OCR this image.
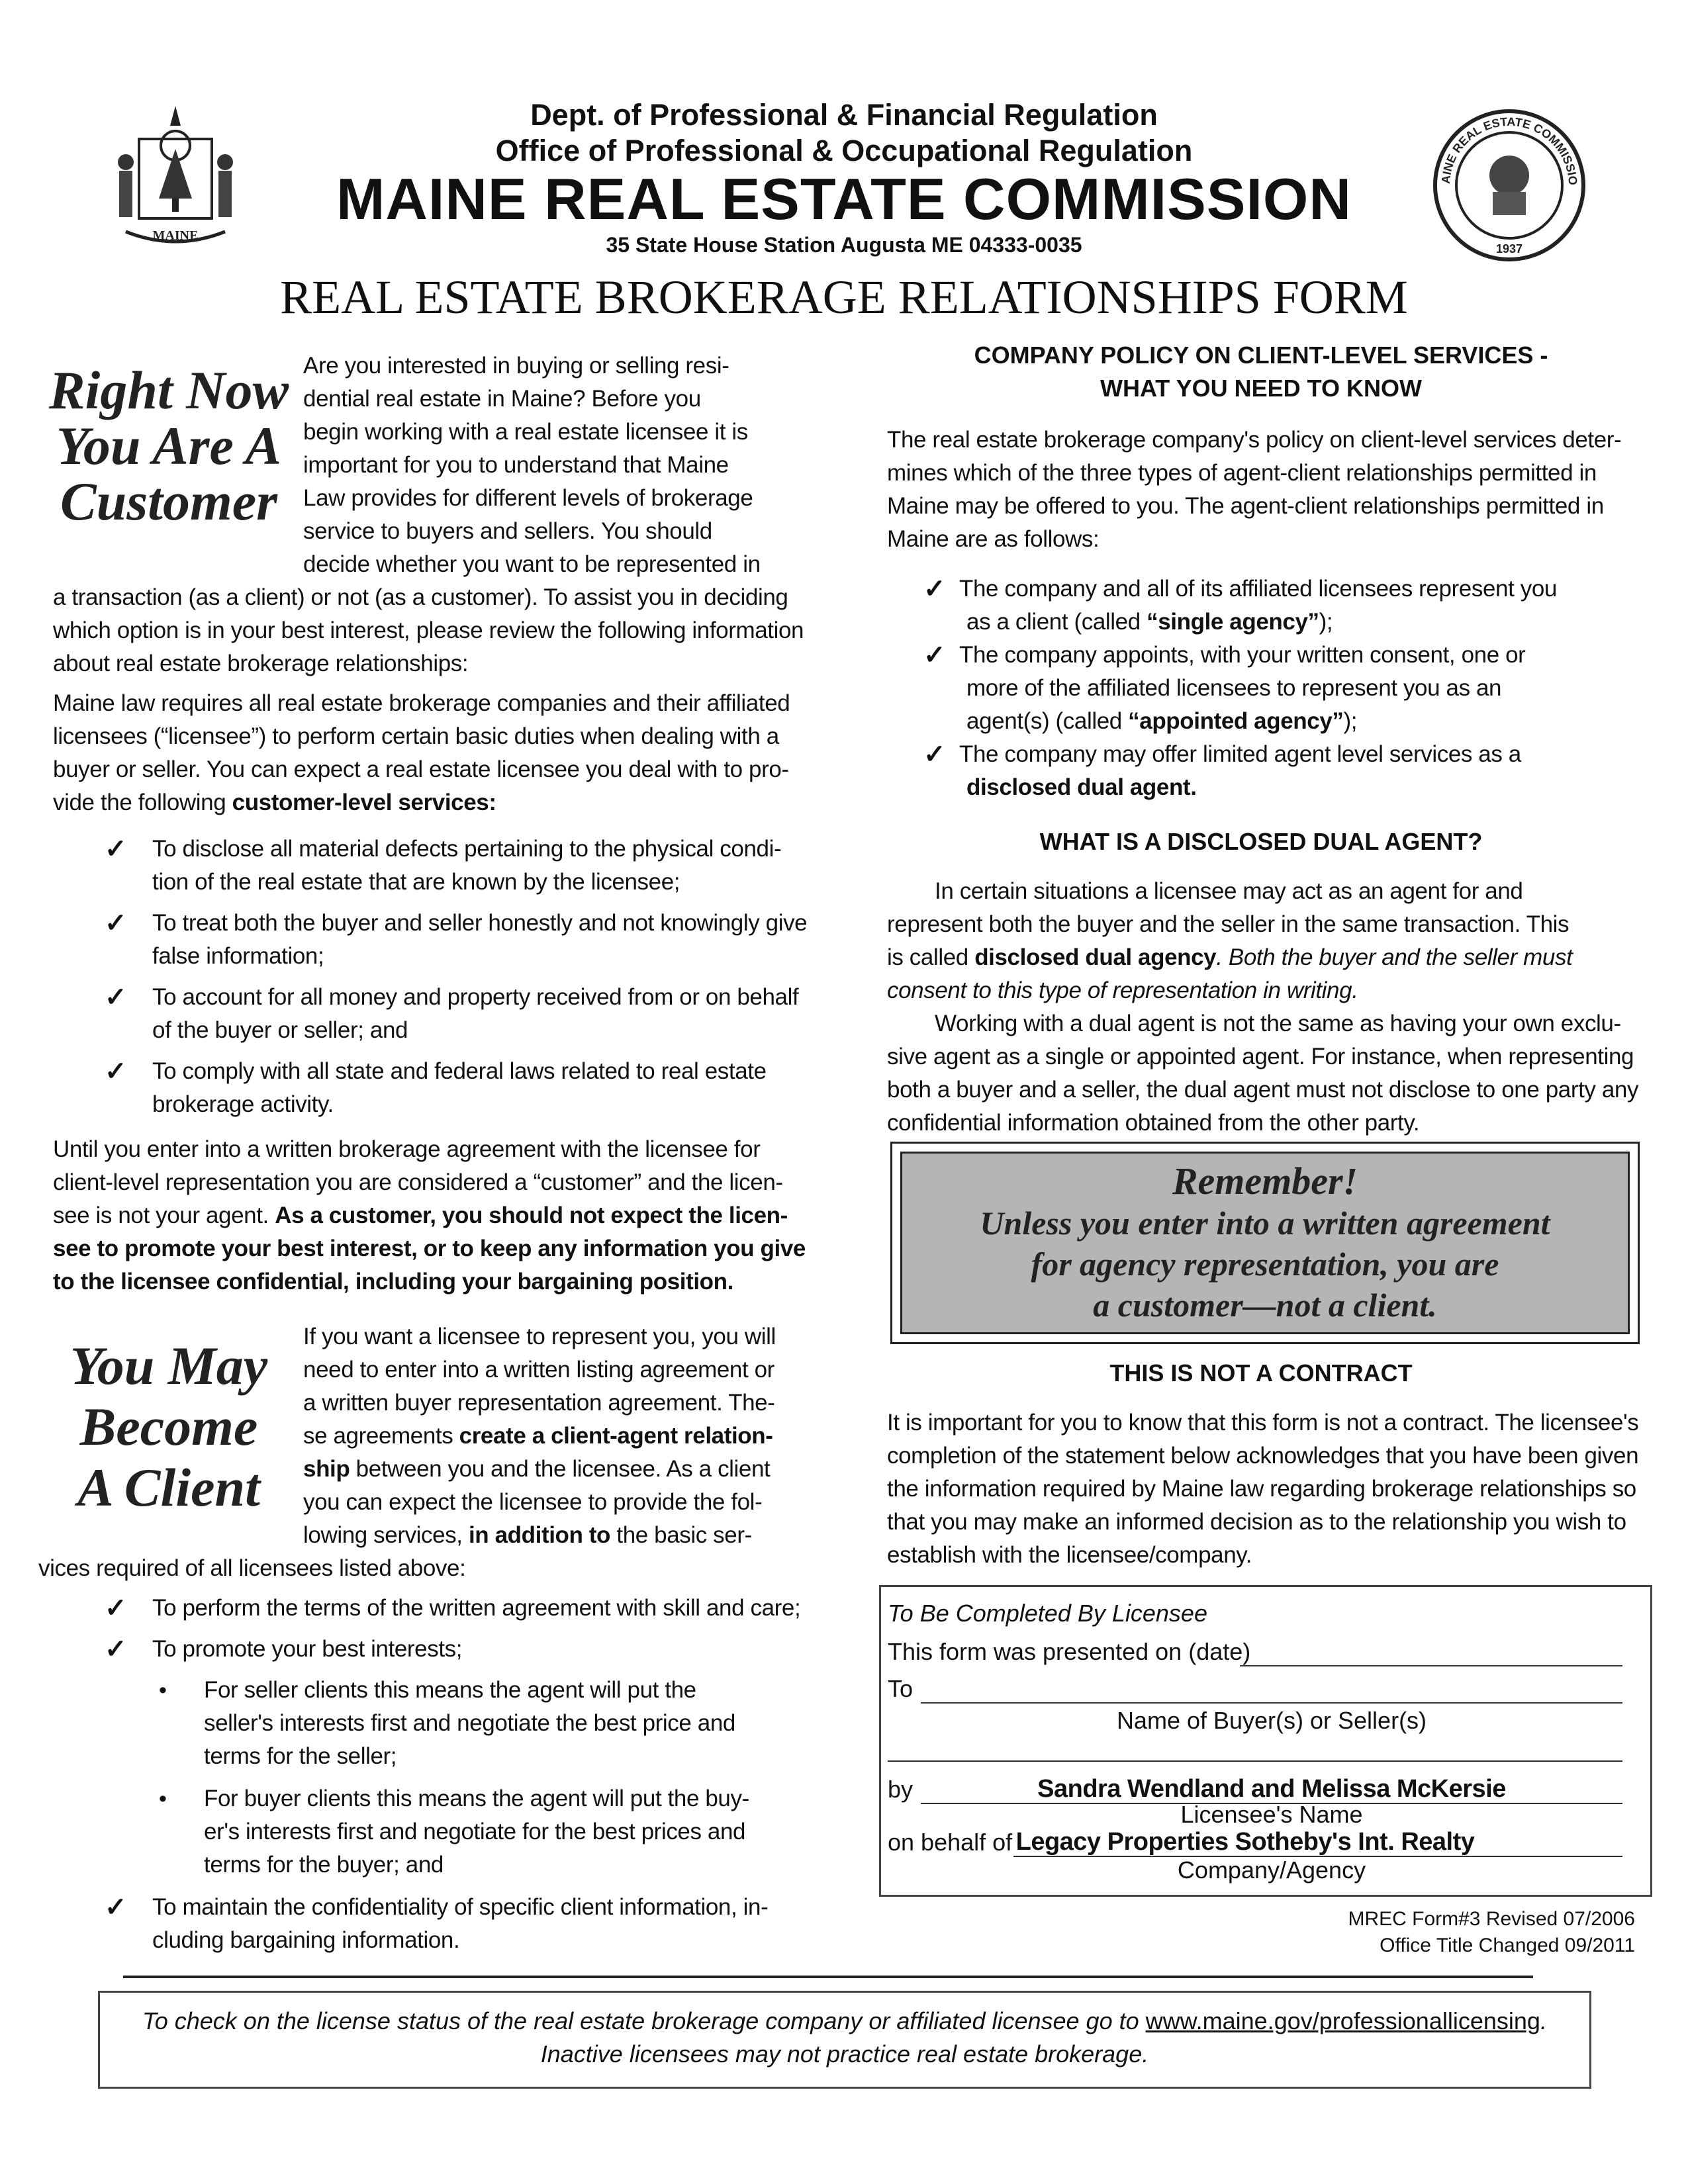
MAINE
Dept. of Professional & Financial Regulation
Office of Professional & Occupational Regulation
MAINE REAL ESTATE COMMISSION
35 State House Station Augusta ME 04333-0035
AINE REAL ESTATE COMMISSIO
1937
REAL ESTATE BROKERAGE RELATIONSHIPS FORM
Right Now
You Are A
Customer
Are you interested in buying or selling resi-
dential real estate in Maine? Before you
begin working with a real estate licensee it is
important for you to understand that Maine
Law provides for different levels of brokerage
service to buyers and sellers. You should
decide whether you want to be represented in
a transaction (as a client) or not (as a customer). To assist you in deciding
which option is in your best interest, please review the following information
about real estate brokerage relationships:
Maine law requires all real estate brokerage companies and their affiliated
licensees (“licensee”) to perform certain basic duties when dealing with a
buyer or seller. You can expect a real estate licensee you deal with to pro-
vide the following customer-level services:
✓ To disclose all material defects pertaining to the physical condi-
tion of the real estate that are known by the licensee;
✓ To treat both the buyer and seller honestly and not knowingly give
false information;
✓ To account for all money and property received from or on behalf
of the buyer or seller; and
✓ To comply with all state and federal laws related to real estate
brokerage activity.
Until you enter into a written brokerage agreement with the licensee for
client-level representation you are considered a “customer” and the licen-
see is not your agent. As a customer, you should not expect the licen-
see to promote your best interest, or to keep any information you give
to the licensee confidential, including your bargaining position.
You May
Become
A Client
If you want a licensee to represent you, you will
need to enter into a written listing agreement or
a written buyer representation agreement. The-
se agreements create a client-agent relation-
ship between you and the licensee. As a client
you can expect the licensee to provide the fol-
lowing services, in addition to the basic ser-
vices required of all licensees listed above:
✓ To perform the terms of the written agreement with skill and care;
✓ To promote your best interests;
• For seller clients this means the agent will put the
seller's interests first and negotiate the best price and
terms for the seller;
• For buyer clients this means the agent will put the buy-
er's interests first and negotiate for the best prices and
terms for the buyer; and
✓ To maintain the confidentiality of specific client information, in-
cluding bargaining information.
COMPANY POLICY ON CLIENT-LEVEL SERVICES -
WHAT YOU NEED TO KNOW
The real estate brokerage company's policy on client-level services deter-
mines which of the three types of agent-client relationships permitted in
Maine may be offered to you. The agent-client relationships permitted in
Maine are as follows:
✓ The company and all of its affiliated licensees represent you
as a client (called “single agency”);
✓ The company appoints, with your written consent, one or
more of the affiliated licensees to represent you as an
agent(s) (called “appointed agency”);
✓ The company may offer limited agent level services as a
disclosed dual agent.
WHAT IS A DISCLOSED DUAL AGENT?
In certain situations a licensee may act as an agent for and
represent both the buyer and the seller in the same transaction. This
is called disclosed dual agency. Both the buyer and the seller must
consent to this type of representation in writing.
Working with a dual agent is not the same as having your own exclu-
sive agent as a single or appointed agent. For instance, when representing
both a buyer and a seller, the dual agent must not disclose to one party any
confidential information obtained from the other party.
Remember!
Unless you enter into a written agreement
for agency representation, you are
a customer—not a client.
THIS IS NOT A CONTRACT
It is important for you to know that this form is not a contract. The licensee's
completion of the statement below acknowledges that you have been given
the information required by Maine law regarding brokerage relationships so
that you may make an informed decision as to the relationship you wish to
establish with the licensee/company.
To Be Completed By Licensee
This form was presented on (date)
To
Name of Buyer(s) or Seller(s)
by	Sandra Wendland and Melissa McKersie
Licensee's Name
on behalf of Legacy Properties Sotheby's Int. Realty
Company/Agency
MREC Form#3 Revised 07/2006
Office Title Changed 09/2011
To check on the license status of the real estate brokerage company or affiliated licensee go to www.maine.gov/professionallicensing.
Inactive licensees may not practice real estate brokerage.
